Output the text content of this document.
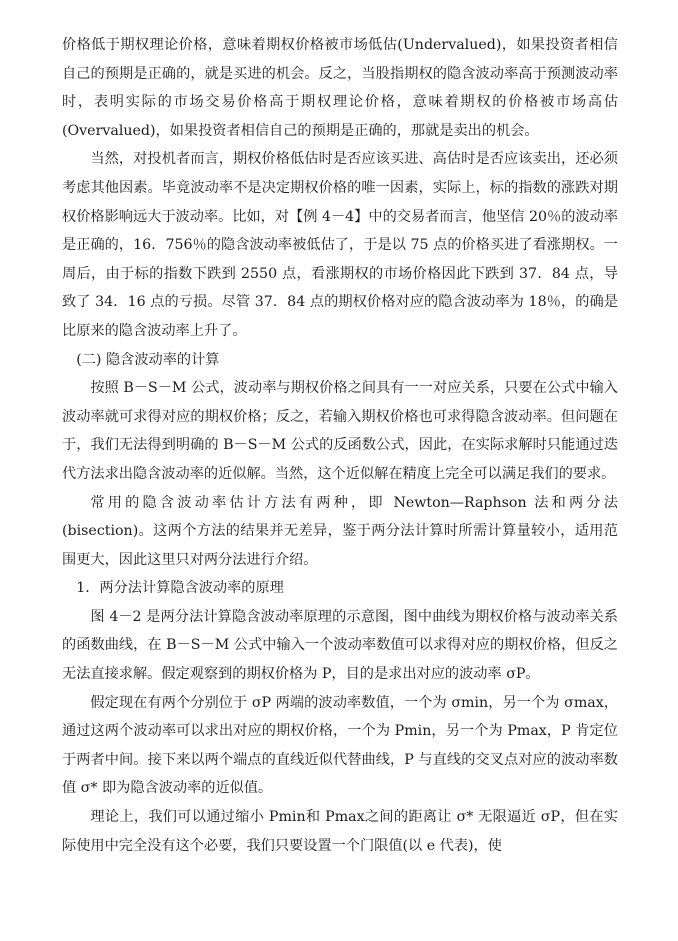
价格低于期权理论价格，意味着期权价格被市场低估(Undervalued)，如果投资者相信自己的预期是正确的，就是买进的机会。反之，当股指期权的隐含波动率高于预测波动率时，表明实际的市场交易价格高于期权理论价格，意味着期权的价格被市场高估(Overvalued)，如果投资者相信自己的预期是正确的，那就是卖出的机会。

当然，对投机者而言，期权价格低估时是否应该买进、高估时是否应该卖出，还必须考虑其他因素。毕竟波动率不是决定期权价格的唯一因素，实际上，标的指数的涨跌对期权价格影响远大于波动率。比如，对【例 4－4】中的交易者而言，他坚信 20％的波动率是正确的，16．756％的隐含波动率被低估了，于是以 75 点的价格买进了看涨期权。一周后，由于标的指数下跌到 2550 点，看涨期权的市场价格因此下跌到 37．84 点，导致了 34．16 点的亏损。尽管 37．84 点的期权价格对应的隐含波动率为 18％，的确是比原来的隐含波动率上升了。

(二) 隐含波动率的计算

按照 B－S－M 公式，波动率与期权价格之间具有一一对应关系，只要在公式中输入波动率就可求得对应的期权价格；反之，若输入期权价格也可求得隐含波动率。但问题在于，我们无法得到明确的 B－S－M 公式的反函数公式，因此，在实际求解时只能通过迭代方法求出隐含波动率的近似解。当然，这个近似解在精度上完全可以满足我们的要求。

常用的隐含波动率估计方法有两种，即 Newton—Raphson 法和两分法(bisection)。这两个方法的结果并无差异，鉴于两分法计算时所需计算量较小，适用范围更大，因此这里只对两分法进行介绍。

1．两分法计算隐含波动率的原理

图 4－2 是两分法计算隐含波动率原理的示意图，图中曲线为期权价格与波动率关系的函数曲线，在 B－S－M 公式中输入一个波动率数值可以求得对应的期权价格，但反之无法直接求解。假定观察到的期权价格为 P，目的是求出对应的波动率 σP。

假定现在有两个分别位于 σP 两端的波动率数值，一个为 σmin，另一个为 σmax，通过这两个波动率可以求出对应的期权价格，一个为 Pmin，另一个为 Pmax，P 肯定位于两者中间。接下来以两个端点的直线近似代替曲线，P 与直线的交叉点对应的波动率数值 σ* 即为隐含波动率的近似值。

理论上，我们可以通过缩小 Pmin和 Pmax之间的距离让 σ* 无限逼近 σP，但在实际使用中完全没有这个必要，我们只要设置一个门限值(以 e 代表)，使
